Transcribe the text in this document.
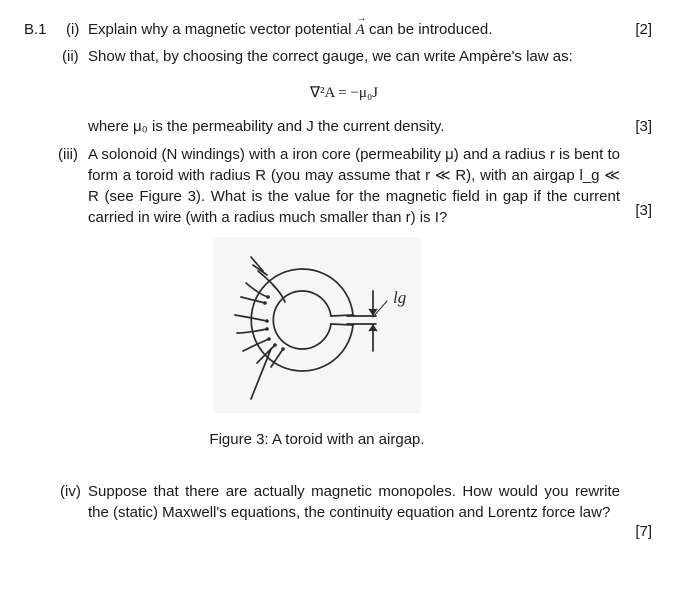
B.1 (i) Explain why a magnetic vector potential → A can be introduced.	[2]
(ii) Show that, by choosing the correct gauge, we can write Ampère's law as:
∇²A = −μ₀J
where μ₀ is the permeability and J the current density.	[3]
(iii) A solonoid (N windings) with a iron core (permeability μ) and a radius r is bent to form a toroid with radius R (you may assume that r ≪ R), with an airgap l_g ≪ R (see Figure 3). What is the value for the magnetic field in gap if the current carried in wire (with a radius much smaller than r) is I?	[3]
lg
Figure 3: A toroid with an airgap.
(iv) Suppose that there are actually magnetic monopoles. How would you rewrite the (static) Maxwell's equations, the continuity equation and Lorentz force law?
[7]
